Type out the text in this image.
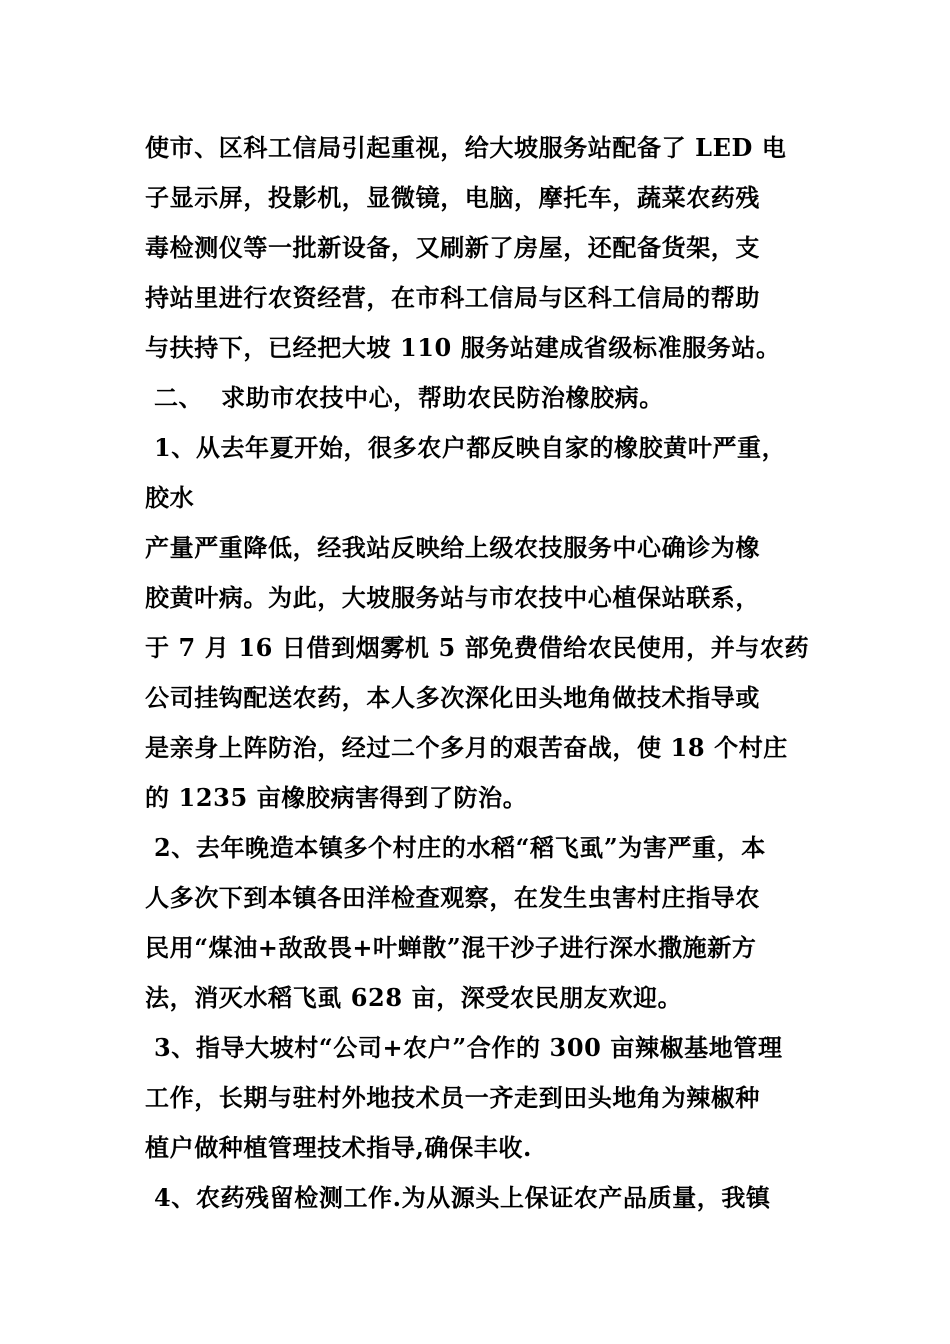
使市、区科工信局引起重视，给大坡服务站配备了 LED 电
子显示屏，投影机，显微镜，电脑，摩托车，蔬菜农药残
毒检测仪等一批新设备，又刷新了房屋，还配备货架，支
持站里进行农资经营，在市科工信局与区科工信局的帮助
与扶持下，已经把大坡 110 服务站建成省级标准服务站。
二、  求助市农技中心，帮助农民防治橡胶病。
1、从去年夏开始，很多农户都反映自家的橡胶黄叶严重，
胶水
产量严重降低，经我站反映给上级农技服务中心确诊为橡
胶黄叶病。为此，大坡服务站与市农技中心植保站联系，
于 7 月 16 日借到烟雾机 5 部免费借给农民使用，并与农药
公司挂钩配送农药，本人多次深化田头地角做技术指导或
是亲身上阵防治，经过二个多月的艰苦奋战，使 18 个村庄
的 1235 亩橡胶病害得到了防治。
2、去年晚造本镇多个村庄的水稻“稻飞虱”为害严重，本
人多次下到本镇各田洋检查观察，在发生虫害村庄指导农
民用“煤油+敌敌畏+叶蝉散”混干沙子进行深水撒施新方
法，消灭水稻飞虱 628 亩，深受农民朋友欢迎。
3、指导大坡村“公司+农户”合作的 300 亩辣椒基地管理
工作，长期与驻村外地技术员一齐走到田头地角为辣椒种
植户做种植管理技术指导,确保丰收.
4、农药残留检测工作.为从源头上保证农产品质量，我镇
